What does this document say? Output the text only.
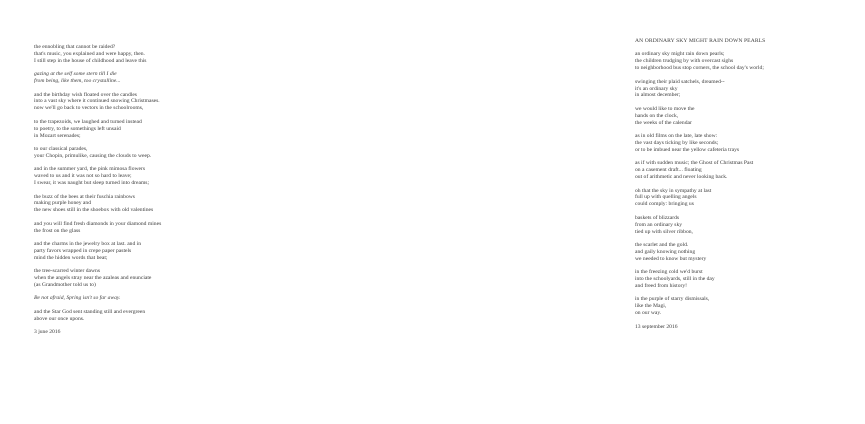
the ennobling that cannot be raided?
that's music, you explained and were happy, then.
I still step in the house of childhood and leave this
gazing at the self some stern till I die
from being, like them, too crystalline...
and the birthday wish floated over the candles
into a vast sky where it continued snowing Christmases.
now we'll go back to vectors in the schoolrooms,
to the trapezoids, we laughed and turned instead
to poetry, to the somethings left unsaid
in Mozart serenades;
to our classical parades,
your Chopin, primulike, causing the clouds to weep.
and in the summer yard, the pink mimosa flowers
waved to us and it was not so hard to leave;
I swear, it was naught but sleep turned into dreams;
the buzz of the bees at their fuschia rainbows
making purple honey and
the new shoes still in the shoebox with old valentines
and you will find fresh diamonds in your diamond mines
the frost on the glass
and the charms in the jewelry box at last. and in
party favors wrapped in crepe paper pastels
mind the hidden words that beat;
the tree-scarred winter dawns
when the angels stray near the azaleas and enunciate
(as Grandmother told us to)
Be not afraid, Spring isn't so far away.
and the Star God sent standing still and evergreen
above our once upons.
3 june 2016
AN ORDINARY SKY MIGHT RAIN DOWN PEARLS
an ordinary sky might rain down pearls;
the children trudging by with overcast sighs
to neighborhood bus stop corners, the school day's world;
swinging their plaid satchels, dreamed--
it's an ordinary sky
in almost december;
we would like to move the
hands on the clock,
the weeks of the calendar
as in old films on the late, late show:
the vast days ticking by like seconds;
or to be imbued near the yellow cafeteria trays
as if with sudden music; the Ghost of Christmas Past
on a casement draft... floating
out of arithmetic and never looking back.
oh that the sky in sympathy at last
full up with quelling angels
could comply: bringing us
baskets of blizzards
from an ordinary sky
tied up with silver ribbon,
the scarlet and the gold.
and gaily knowing nothing
we needed to know but mystery
in the freezing cold we'd burst
into the schoolyards, still in the day
and freed from history!
in the purple of starry dismissals,
like the Magi,
on our way.
13 september 2016
